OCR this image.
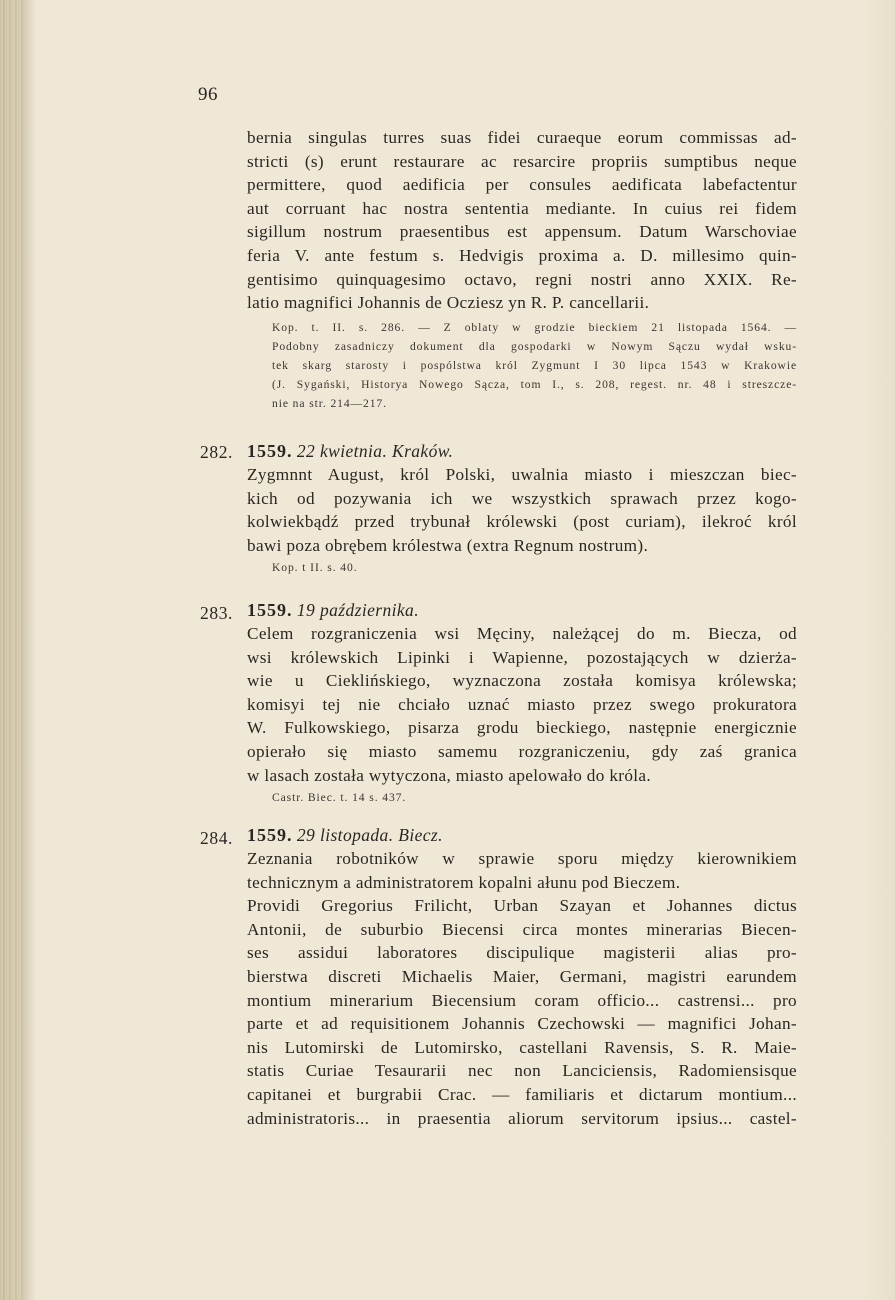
96
bernia singulas turres suas fidei curaeque eorum commissas ad-
stricti (s) erunt restaurare ac resarcire propriis sumptibus neque
permittere, quod aedificia per consules aedificata labefactentur
aut corruant hac nostra sententia mediante. In cuius rei fidem
sigillum nostrum praesentibus est appensum. Datum Warschoviae
feria V. ante festum s. Hedvigis proxima a. D. millesimo quin-
gentisimo quinquagesimo octavo, regni nostri anno XXIX. Re-
latio magnifici Johannis de Ocziesz yn R. P. cancellarii.
Kop. t. II. s. 286. — Z oblaty w grodzie bieckiem 21 listopada 1564. —
Podobny zasadniczy dokument dla gospodarki w Nowym Sączu wydał wsku-
tek skarg starosty i pospólstwa król Zygmunt I 30 lipca 1543 w Krakowie
(J. Sygański, Historya Nowego Sącza, tom I., s. 208, regest. nr. 48 i streszcze-
nie na str. 214—217.
282. 1559. 22 kwietnia. Kraków.
Zygmnnt August, król Polski, uwalnia miasto i mieszczan biec-
kich od pozywania ich we wszystkich sprawach przez kogo-
kolwiekbądź przed trybunał królewski (post curiam), ilekroć król
bawi poza obrębem królestwa (extra Regnum nostrum).
Kop. t II. s. 40.
283. 1559. 19 października.
Celem rozgraniczenia wsi Męciny, należącej do m. Biecza, od
wsi królewskich Lipinki i Wapienne, pozostających w dzierża-
wie u Cieklińskiego, wyznaczona została komisya królewska;
komisyi tej nie chciało uznać miasto przez swego prokuratora
W. Fulkowskiego, pisarza grodu bieckiego, następnie energicznie
opierało się miasto samemu rozgraniczeniu, gdy zaś granica
w lasach została wytyczona, miasto apelowało do króla.
Castr. Biec. t. 14 s. 437.
284. 1559. 29 listopada. Biecz.
Zeznania robotników w sprawie sporu między kierownikiem
technicznym a administratorem kopalni ałunu pod Bieczem.
Providi Gregorius Frilicht, Urban Szayan et Johannes dictus
Antonii, de suburbio Biecensi circa montes minerarias Biecen-
ses assidui laboratores discipulique magisterii alias pro-
bierstwa discreti Michaelis Maier, Germani, magistri earundem
montium minerarium Biecensium coram officio... castrensi... pro
parte et ad requisitionem Johannis Czechowski — magnifici Johan-
nis Lutomirski de Lutomirsko, castellani Ravensis, S. R. Maie-
statis Curiae Tesaurarii nec non Lanciciensis, Radomiensisque
capitanei et burgrabii Crac. — familiaris et dictarum montium...
administratoris... in praesentia aliorum servitorum ipsius... castel-
